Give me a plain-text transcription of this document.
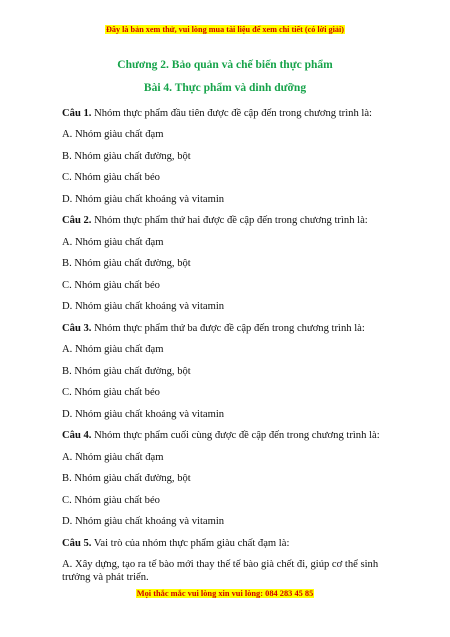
Đây là bản xem thử, vui lòng mua tài liệu để xem chi tiết (có lời giải)
Chương 2. Bảo quản và chế biến thực phẩm
Bài 4. Thực phẩm và dinh dưỡng
Câu 1. Nhóm thực phẩm đầu tiên được đề cập đến trong chương trình là:
A. Nhóm giàu chất đạm
B. Nhóm giàu chất đường, bột
C. Nhóm giàu chất béo
D. Nhóm giàu chất khoáng và vitamin
Câu 2. Nhóm thực phẩm thứ hai được đề cập đến trong chương trình là:
A. Nhóm giàu chất đạm
B. Nhóm giàu chất đường, bột
C. Nhóm giàu chất béo
D. Nhóm giàu chất khoáng và vitamin
Câu 3. Nhóm thực phẩm thứ ba được đề cập đến trong chương trình là:
A. Nhóm giàu chất đạm
B. Nhóm giàu chất đường, bột
C. Nhóm giàu chất béo
D. Nhóm giàu chất khoáng và vitamin
Câu 4. Nhóm thực phẩm cuối cùng được đề cập đến trong chương trình là:
A. Nhóm giàu chất đạm
B. Nhóm giàu chất đường, bột
C. Nhóm giàu chất béo
D. Nhóm giàu chất khoáng và vitamin
Câu 5. Vai trò của nhóm thực phẩm giàu chất đạm là:
A. Xây dựng, tạo ra tế bào mới thay thế tế bào già chết đi, giúp cơ thể sinh trưởng và phát triển.
Mọi thắc mắc vui lòng xin vui lòng: 084 283 45 85
